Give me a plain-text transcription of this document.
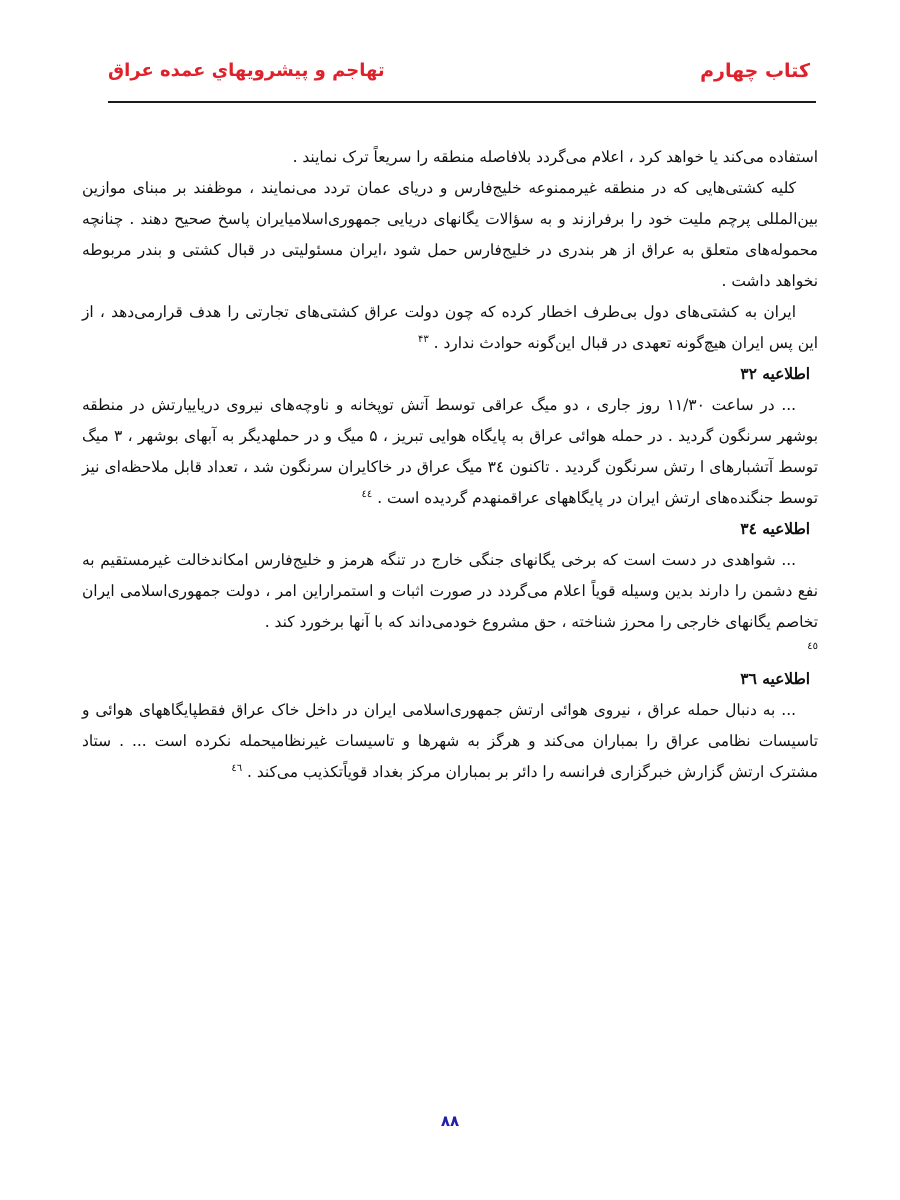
کتاب چهارم
تهاجم و پيشرويهاي عمده عراق

استفاده می‌کند یا خواهد کرد ، اعلام می‌گردد بلافاصله منطقه را سریعاً ترک نمایند .

کلیه کشتی‌هایی که در منطقه غیرممنوعه خلیج‌فارس و دریای عمان تردد می‌نمایند ، موظفند بر مبنای موازین بین‌المللی پرچم ملیت خود را برفرازند و به سؤالات یگانهای دریایی جمهوری‌اسلامیایران پاسخ صحیح دهند . چنانچه محموله‌های متعلق به عراق از هر بندری در خلیج‌فارس حمل شود ،ایران مسئولیتی در قبال کشتی و بندر مربوطه نخواهد داشت .

ایران به کشتی‌های دول بی‌طرف اخطار کرده که چون دولت عراق کشتی‌های تجارتی را هدف قرارمی‌دهد ، از این پس ایران هیچ‌گونه تعهدی در قبال این‌گونه حوادث ندارد . $^{۴۳}$

اطلاعیه ۳۲

... در ساعت ۱۱/۳۰ روز جاری ، دو میگ عراقی توسط آتش توپخانه و ناوچه‌های نیروی دریاییارتش در منطقه بوشهر سرنگون گردید . در حمله هوائی عراق به پایگاه هوایی تبریز ، ۵ میگ و در حملهدیگر به آبهای بوشهر ، ۳ میگ توسط آتشبارهای ا رتش سرنگون گردید . تاکنون ۳٤ میگ عراق در خاکایران سرنگون شد ، تعداد قابل ملاحظه‌ای نیز توسط جنگنده‌های ارتش ایران در پایگاههای عراقمنهدم گردیده است . $^{٤٤}$

اطلاعیه ٣٤

... شواهدی در دست است که برخی یگانهای جنگی خارج در تنگه هرمز و خلیج‌فارس امکاندخالت غیرمستقیم به نفع دشمن را دارند بدین وسیله قویاً اعلام می‌گردد در صورت اثبات و استمراراین امر ، دولت جمهوری‌اسلامی ایران تخاصم یگانهای خارجی را محرز شناخته ، حق مشروع خودمی‌داند که با آنها برخورد کند .

٤٥
اطلاعیه ٣٦

... به دنبال حمله عراق ، نیروی هوائی ارتش جمهوری‌اسلامی ایران در داخل خاک عراق فقطپایگاههای هوائی و تاسیسات نظامی عراق را بمباران می‌کند و هرگز به شهرها و تاسیسات غیرنظامیحمله نکرده است ... . ستاد مشترک ارتش گزارش خبرگزاری فرانسه را دائر بر بمباران مرکز بغداد قویاًتکذیب می‌کند . $^{٤٦}$

۸۸
